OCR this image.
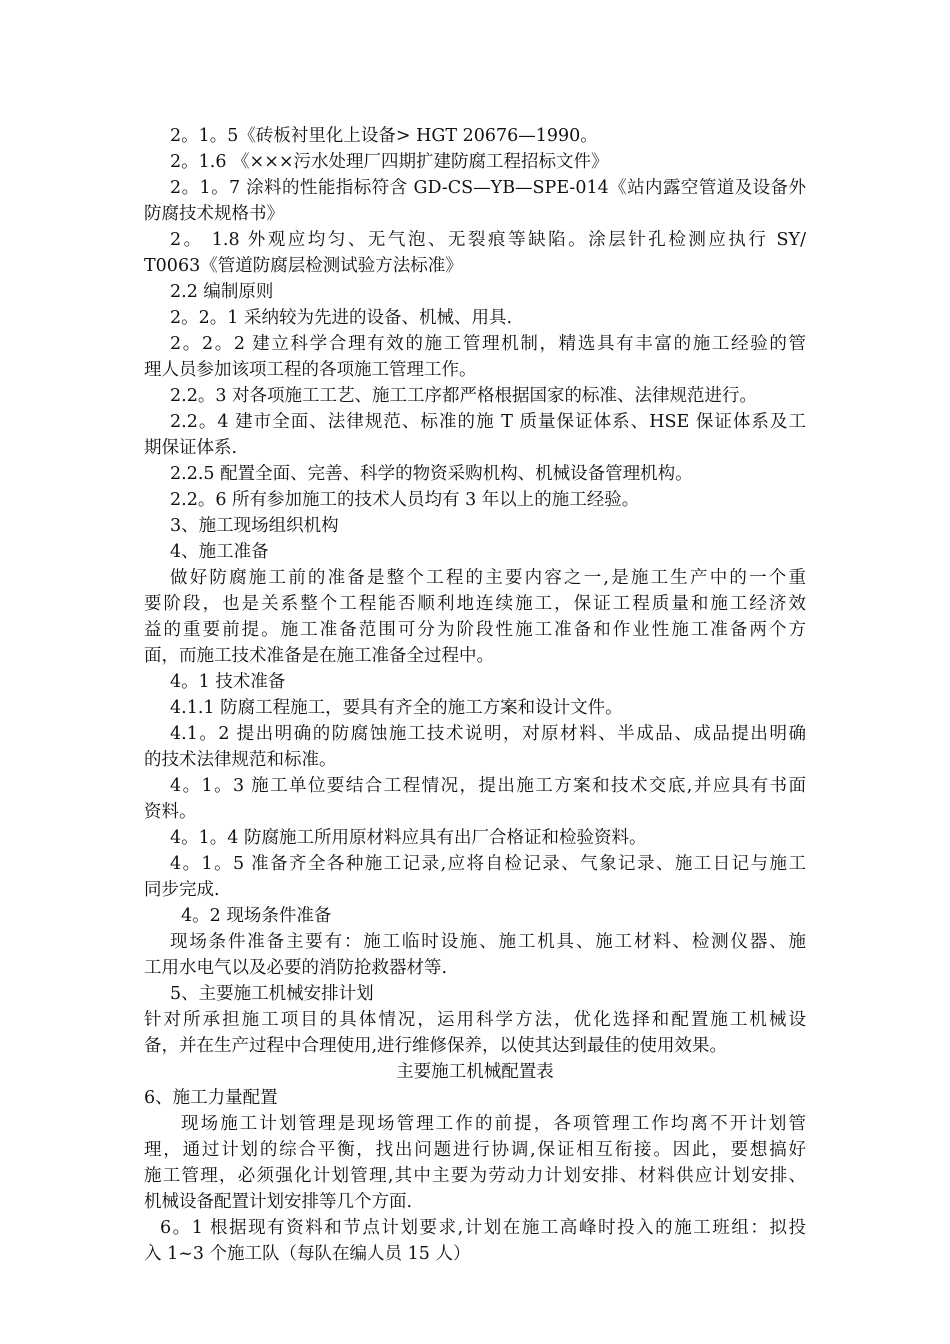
2。1。5《砖板衬里化上设备> HGT 20676—1990。
2。1.6 《×××污水处理厂四期扩建防腐工程招标文件》
2。1。7 涂料的性能指标符含 GD-CS—YB—SPE-014《站内露空管道及设备外
防腐技术规格书》
2。 1.8 外观应均匀、无气泡、无裂痕等缺陷。涂层针孔检测应执行 SY/
T0063《管道防腐层检测试验方法标准》
2.2 编制原则
2。2。1 采纳较为先进的设备、机械、用具.
2。2。2 建立科学合理有效的施工管理机制，精选具有丰富的施工经验的管
理人员参加该项工程的各项施工管理工作。
2.2。3 对各项施工工艺、施工工序都严格根据国家的标准、法律规范进行。
2.2。4 建市全面、法律规范、标准的施 T 质量保证体系、HSE 保证体系及工
期保证体系.
2.2.5 配置全面、完善、科学的物资采购机构、机械设备管理机构。
2.2。6 所有参加施工的技术人员均有 3 年以上的施工经验。
3、施工现场组织机构
4、施工准备
做好防腐施工前的准备是整个工程的主要内容之一,是施工生产中的一个重
要阶段，也是关系整个工程能否顺利地连续施工，保证工程质量和施工经济效
益的重要前提。施工准备范围可分为阶段性施工准备和作业性施工准备两个方
面，而施工技术准备是在施工准备全过程中。
4。1 技术准备
4.1.1 防腐工程施工，要具有齐全的施工方案和设计文件。
4.1。2 提出明确的防腐蚀施工技术说明，对原材料、半成品、成品提出明确
的技术法律规范和标准。
4。1。3 施工单位要结合工程情况，提出施工方案和技术交底,并应具有书面
资料。
4。1。4 防腐施工所用原材料应具有出厂合格证和检验资料。
4。1。5 准备齐全各种施工记录,应将自检记录、气象记录、施工日记与施工
同步完成.
4。2 现场条件准备
现场条件准备主要有：施工临时设施、施工机具、施工材料、检测仪器、施
工用水电气以及必要的消防抢救器材等.
5、主要施工机械安排计划
针对所承担施工项目的具体情况，运用科学方法，优化选择和配置施工机械设
备，并在生产过程中合理使用,进行维修保养，以使其达到最佳的使用效果。
主要施工机械配置表
6、施工力量配置
现场施工计划管理是现场管理工作的前提，各项管理工作均离不开计划管
理，通过计划的综合平衡，找出问题进行协调,保证相互衔接。因此，要想搞好
施工管理，必须强化计划管理,其中主要为劳动力计划安排、材料供应计划安排、
机械设备配置计划安排等几个方面.
6。1 根据现有资料和节点计划要求,计划在施工高峰时投入的施工班组：拟投
入 1~3 个施工队（每队在编人员 15 人）
